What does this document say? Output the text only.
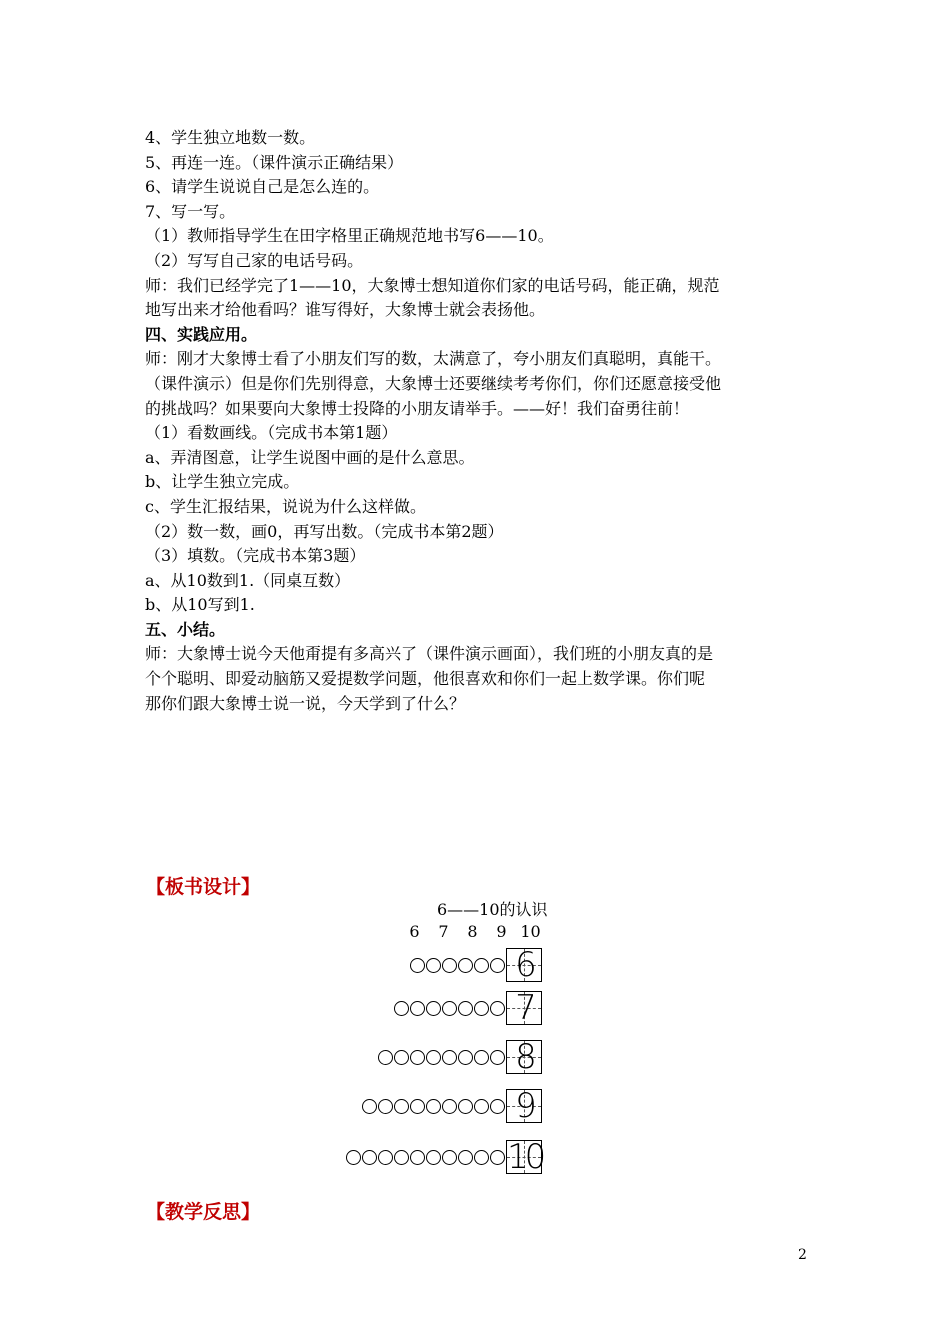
4、学生独立地数一数。
5、再连一连。（课件演示正确结果）
6、请学生说说自己是怎么连的。
7、写一写。
（1）教师指导学生在田字格里正确规范地书写6——10。
（2）写写自己家的电话号码。
师：我们已经学完了1——10，大象博士想知道你们家的电话号码，能正确，规范
地写出来才给他看吗？谁写得好，大象博士就会表扬他。
四、实践应用。
师：刚才大象博士看了小朋友们写的数，太满意了，夸小朋友们真聪明，真能干。
（课件演示）但是你们先别得意，大象博士还要继续考考你们，你们还愿意接受他
的挑战吗？如果要向大象博士投降的小朋友请举手。——好！我们奋勇往前！
（1）看数画线。（完成书本第1题）
a、弄清图意，让学生说图中画的是什么意思。
b、让学生独立完成。
c、学生汇报结果，说说为什么这样做。
（2）数一数，画0，再写出数。（完成书本第2题）
（3）填数。（完成书本第3题）
a、从10数到1.（同桌互数）
b、从10写到1.
五、小结。
师：大象博士说今天他甭提有多高兴了（课件演示画面），我们班的小朋友真的是
个个聪明、即爱动脑筋又爱提数学问题，他很喜欢和你们一起上数学课。你们呢
那你们跟大象博士说一说，今天学到了什么？
【板书设计】
6——10的认识
6 7 8 9 10
6
7
8
9
10
【教学反思】
2
